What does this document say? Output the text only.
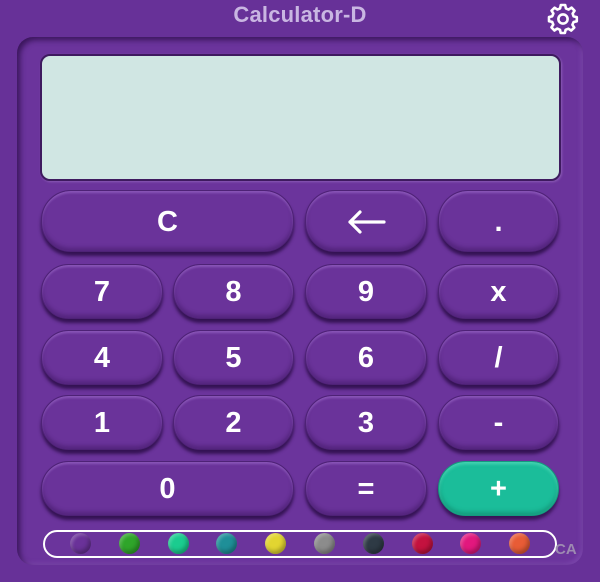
Calculator-D
C	.
7	8	9	x
4	5	6	/
1	2	3	-
0	=	+
CA
